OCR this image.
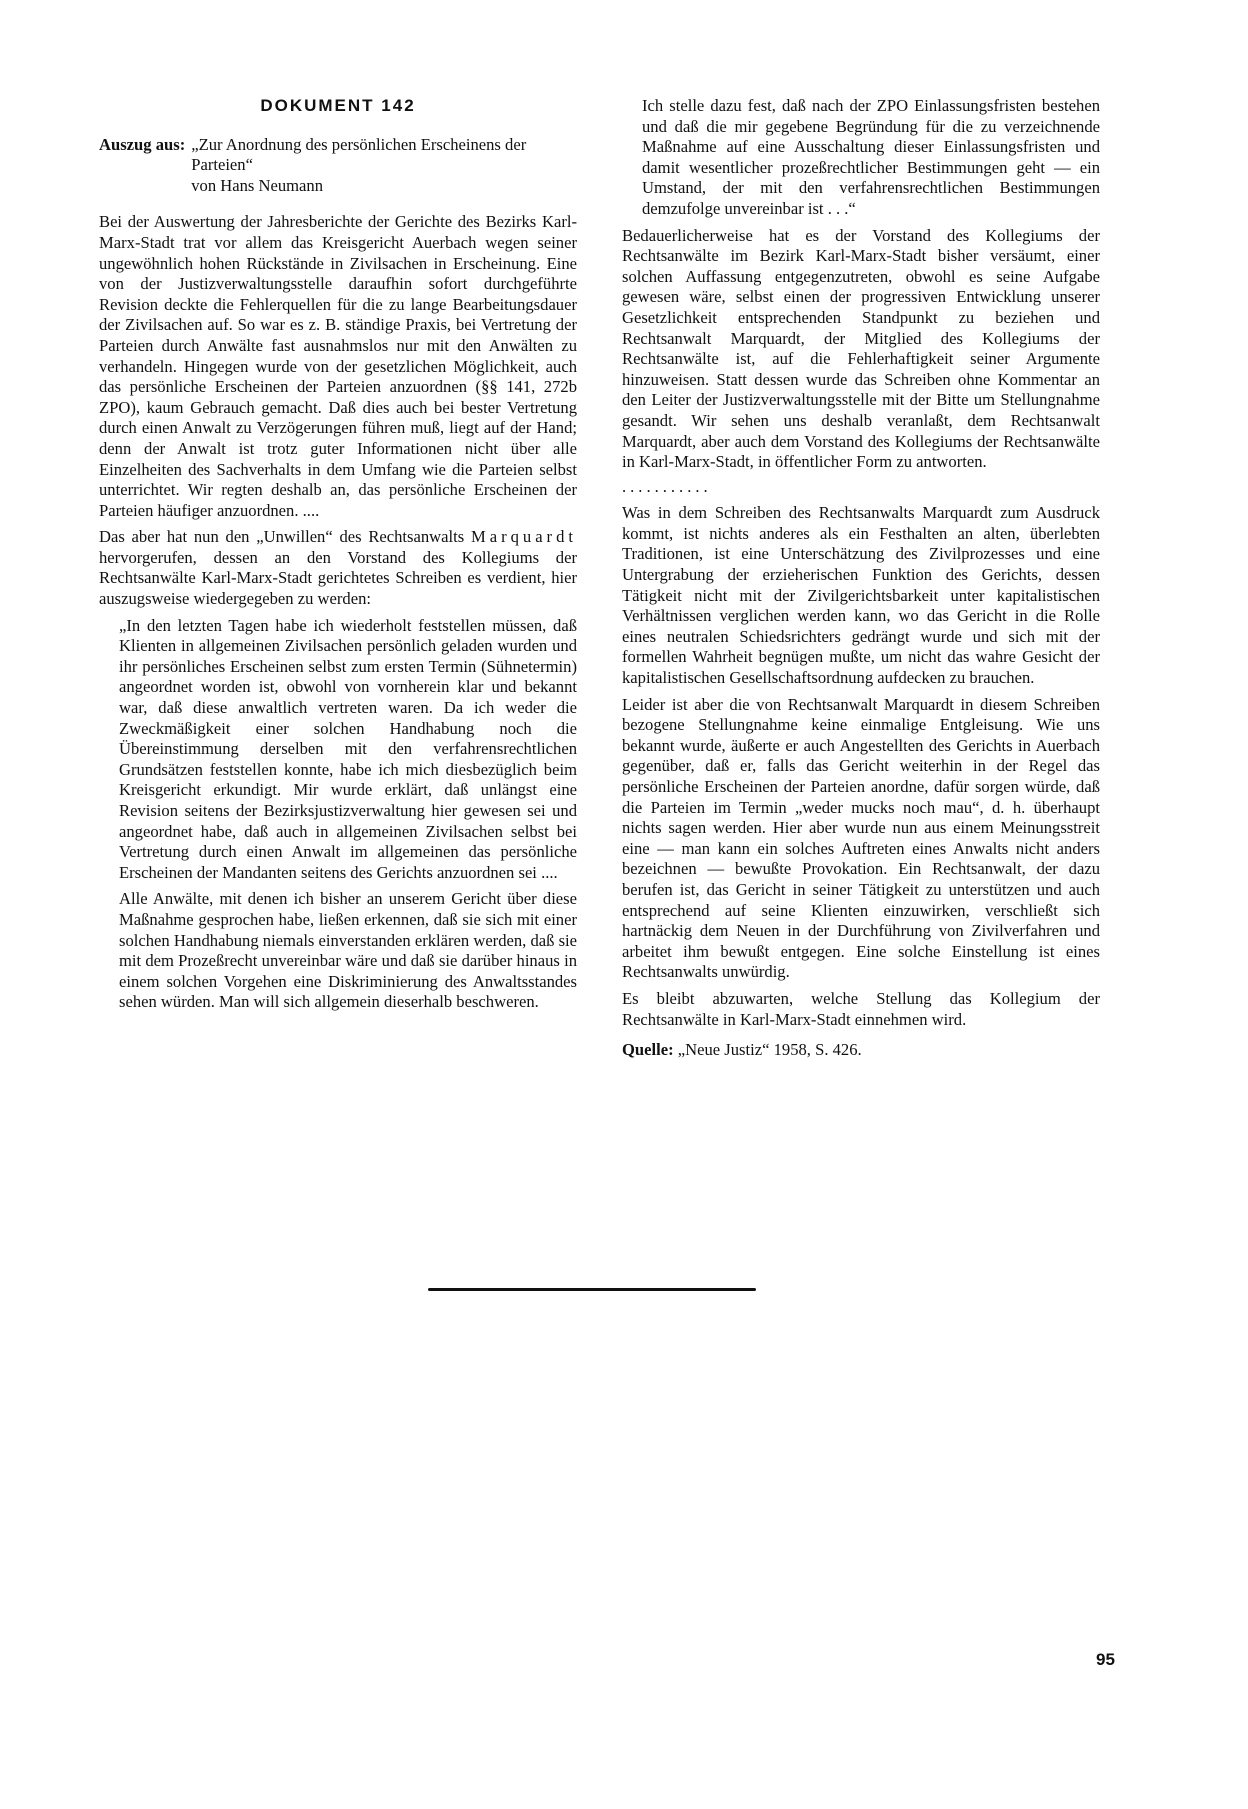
DOKUMENT 142
Auszug aus: „Zur Anordnung des persönlichen Erscheinens der Parteien“
von Hans Neumann

Bei der Auswertung der Jahresberichte der Gerichte des Bezirks Karl-Marx-Stadt trat vor allem das Kreisgericht Auerbach wegen seiner ungewöhnlich hohen Rückstände in Zivilsachen in Erscheinung. Eine von der Justizverwaltungsstelle daraufhin sofort durchgeführte Revision deckte die Fehlerquellen für die zu lange Bearbeitungsdauer der Zivilsachen auf. So war es z. B. ständige Praxis, bei Vertretung der Parteien durch Anwälte fast ausnahmslos nur mit den Anwälten zu verhandeln. Hingegen wurde von der gesetzlichen Möglichkeit, auch das persönliche Erscheinen der Parteien anzuordnen (§§ 141, 272b ZPO), kaum Gebrauch gemacht. Daß dies auch bei bester Vertretung durch einen Anwalt zu Verzögerungen führen muß, liegt auf der Hand; denn der Anwalt ist trotz guter Informationen nicht über alle Einzelheiten des Sachverhalts in dem Umfang wie die Parteien selbst unterrichtet. Wir regten deshalb an, das persönliche Erscheinen der Parteien häufiger anzuordnen. ....

Das aber hat nun den „Unwillen“ des Rechtsanwalts Marquardt hervorgerufen, dessen an den Vorstand des Kollegiums der Rechtsanwälte Karl-Marx-Stadt gerichtetes Schreiben es verdient, hier auszugsweise wiedergegeben zu werden:

„In den letzten Tagen habe ich wiederholt feststellen müssen, daß Klienten in allgemeinen Zivilsachen persönlich geladen wurden und ihr persönliches Erscheinen selbst zum ersten Termin (Sühnetermin) angeordnet worden ist, obwohl von vornherein klar und bekannt war, daß diese anwaltlich vertreten waren. Da ich weder die Zweckmäßigkeit einer solchen Handhabung noch die Übereinstimmung derselben mit den verfahrensrechtlichen Grundsätzen feststellen konnte, habe ich mich diesbezüglich beim Kreisgericht erkundigt. Mir wurde erklärt, daß unlängst eine Revision seitens der Bezirksjustizverwaltung hier gewesen sei und angeordnet habe, daß auch in allgemeinen Zivilsachen selbst bei Vertretung durch einen Anwalt im allgemeinen das persönliche Erscheinen der Mandanten seitens des Gerichts anzuordnen sei ....

Alle Anwälte, mit denen ich bisher an unserem Gericht über diese Maßnahme gesprochen habe, ließen erkennen, daß sie sich mit einer solchen Handhabung niemals einverstanden erklären werden, daß sie mit dem Prozeßrecht unvereinbar wäre und daß sie darüber hinaus in einem solchen Vorgehen eine Diskriminierung des Anwaltsstandes sehen würden. Man will sich allgemein dieserhalb beschweren.

Ich stelle dazu fest, daß nach der ZPO Einlassungsfristen bestehen und daß die mir gegebene Begründung für die zu verzeichnende Maßnahme auf eine Ausschaltung dieser Einlassungsfristen und damit wesentlicher prozeßrechtlicher Bestimmungen geht — ein Umstand, der mit den verfahrensrechtlichen Bestimmungen demzufolge unvereinbar ist . . .“

Bedauerlicherweise hat es der Vorstand des Kollegiums der Rechtsanwälte im Bezirk Karl-Marx-Stadt bisher versäumt, einer solchen Auffassung entgegenzutreten, obwohl es seine Aufgabe gewesen wäre, selbst einen der progressiven Entwicklung unserer Gesetzlichkeit entsprechenden Standpunkt zu beziehen und Rechtsanwalt Marquardt, der Mitglied des Kollegiums der Rechtsanwälte ist, auf die Fehlerhaftigkeit seiner Argumente hinzuweisen. Statt dessen wurde das Schreiben ohne Kommentar an den Leiter der Justizverwaltungsstelle mit der Bitte um Stellungnahme gesandt. Wir sehen uns deshalb veranlaßt, dem Rechtsanwalt Marquardt, aber auch dem Vorstand des Kollegiums der Rechtsanwälte in Karl-Marx-Stadt, in öffentlicher Form zu antworten.

...........

Was in dem Schreiben des Rechtsanwalts Marquardt zum Ausdruck kommt, ist nichts anderes als ein Festhalten an alten, überlebten Traditionen, ist eine Unterschätzung des Zivilprozesses und eine Untergrabung der erzieherischen Funktion des Gerichts, dessen Tätigkeit nicht mit der Zivilgerichtsbarkeit unter kapitalistischen Verhältnissen verglichen werden kann, wo das Gericht in die Rolle eines neutralen Schiedsrichters gedrängt wurde und sich mit der formellen Wahrheit begnügen mußte, um nicht das wahre Gesicht der kapitalistischen Gesellschaftsordnung aufdecken zu brauchen.

Leider ist aber die von Rechtsanwalt Marquardt in diesem Schreiben bezogene Stellungnahme keine einmalige Entgleisung. Wie uns bekannt wurde, äußerte er auch Angestellten des Gerichts in Auerbach gegenüber, daß er, falls das Gericht weiterhin in der Regel das persönliche Erscheinen der Parteien anordne, dafür sorgen würde, daß die Parteien im Termin „weder mucks noch mau“, d. h. überhaupt nichts sagen werden. Hier aber wurde nun aus einem Meinungsstreit eine — man kann ein solches Auftreten eines Anwalts nicht anders bezeichnen — bewußte Provokation. Ein Rechtsanwalt, der dazu berufen ist, das Gericht in seiner Tätigkeit zu unterstützen und auch entsprechend auf seine Klienten einzuwirken, verschließt sich hartnäckig dem Neuen in der Durchführung von Zivilverfahren und arbeitet ihm bewußt entgegen. Eine solche Einstellung ist eines Rechtsanwalts unwürdig.

Es bleibt abzuwarten, welche Stellung das Kollegium der Rechtsanwälte in Karl-Marx-Stadt einnehmen wird.

Quelle: „Neue Justiz“ 1958, S. 426.

95
